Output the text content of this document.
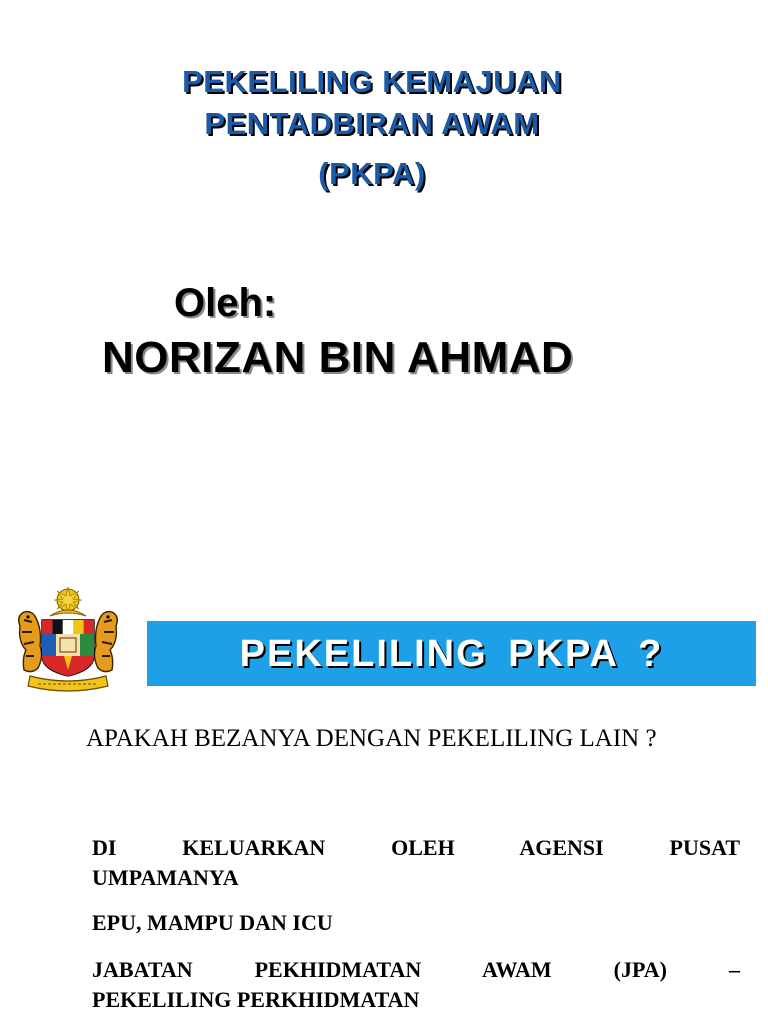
PEKELILING KEMAJUAN
PENTADBIRAN AWAM
(PKPA)
Oleh:
NORIZAN BIN AHMAD
PEKELILING PKPA ?
APAKAH BEZANYA DENGAN PEKELILING LAIN ?
DI KELUARKAN OLEH AGENSI PUSAT
UMPAMANYA
EPU, MAMPU DAN ICU
JABATAN PEKHIDMATAN AWAM (JPA) –
PEKELILING PERKHIDMATAN
